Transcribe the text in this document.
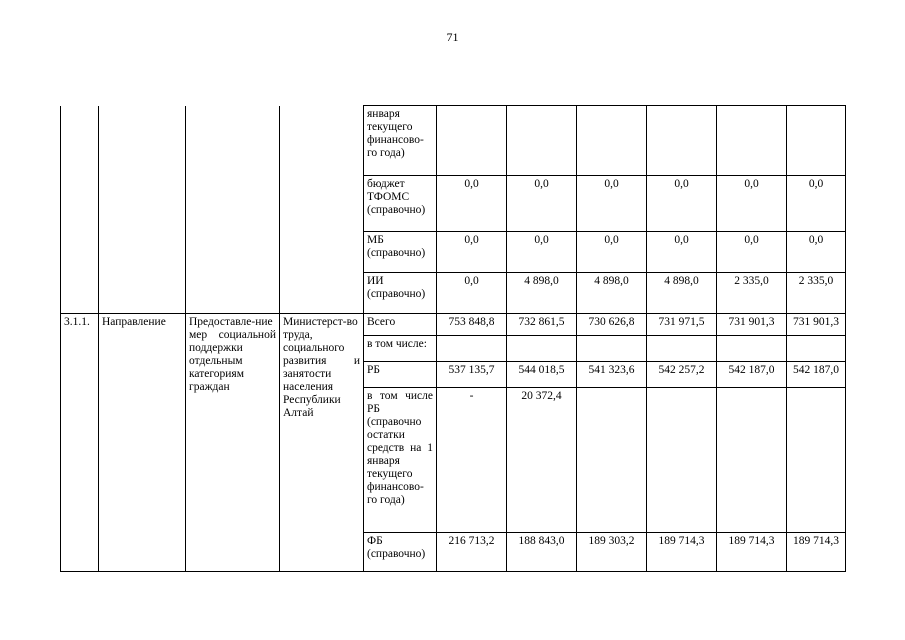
71
				января текущего финансово-го года)						
				бюджет ТФОМС (справочно)	0,0	0,0	0,0	0,0	0,0	0,0
				МБ (справочно)	0,0	0,0	0,0	0,0	0,0	0,0
				ИИ (справочно)	0,0	4 898,0	4 898,0	4 898,0	2 335,0	2 335,0
3.1.1.	Направление	Предоставле-ние мер социальной поддержки отдельным категориям граждан	Министерст-во труда, социального развития и занятости населения Республики Алтай	Всего	753 848,8	732 861,5	730 626,8	731 971,5	731 901,3	731 901,3
				в том числе:						
				РБ	537 135,7	544 018,5	541 323,6	542 257,2	542 187,0	542 187,0
				в том числе РБ (справочно остатки средств на 1 января текущего финансово-го года)	-	20 372,4				
				ФБ (справочно)	216 713,2	188 843,0	189 303,2	189 714,3	189 714,3	189 714,3
